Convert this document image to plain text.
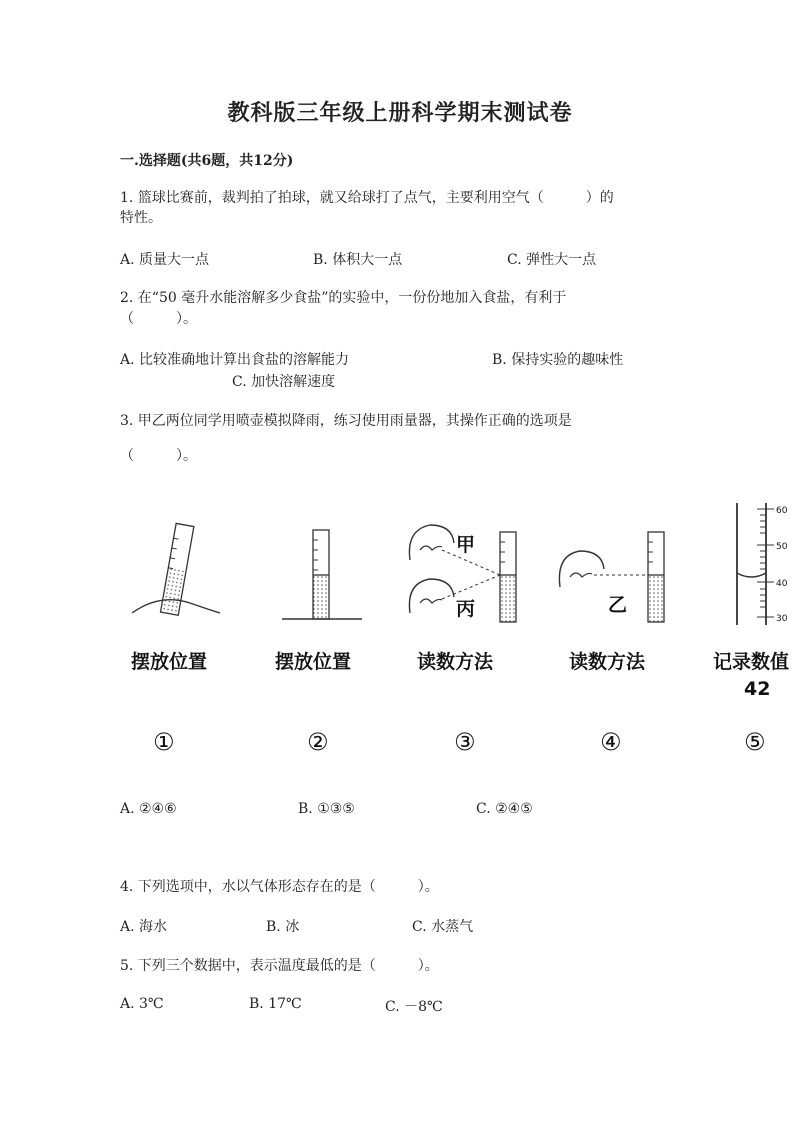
教科版三年级上册科学期末测试卷
一.选择题(共6题，共12分)
1. 篮球比赛前，裁判拍了拍球，就又给球打了点气，主要利用空气（　　　）的
特性。
A. 质量大一点	B. 体积大一点	C. 弹性大一点
2. 在“50 毫升水能溶解多少食盐”的实验中，一份份地加入食盐，有利于
（　　　）。
A. 比较准确地计算出食盐的溶解能力	B. 保持实验的趣味性
C. 加快溶解速度
3. 甲乙两位同学用喷壶模拟降雨，练习使用雨量器，其操作正确的选项是
（　　　）。
甲
丙	乙
60
50
40
30
摆放位置	摆放位置	读数方法	读数方法	记录数值
42
①	②	③	④	⑤
A. ②④⑥	B. ①③⑤	C. ②④⑤
4. 下列选项中，水以气体形态存在的是（　　　）。
A. 海水	B. 冰	C. 水蒸气
5. 下列三个数据中，表示温度最低的是（　　　）。
A. 3℃	B. 17℃	C. －8℃
